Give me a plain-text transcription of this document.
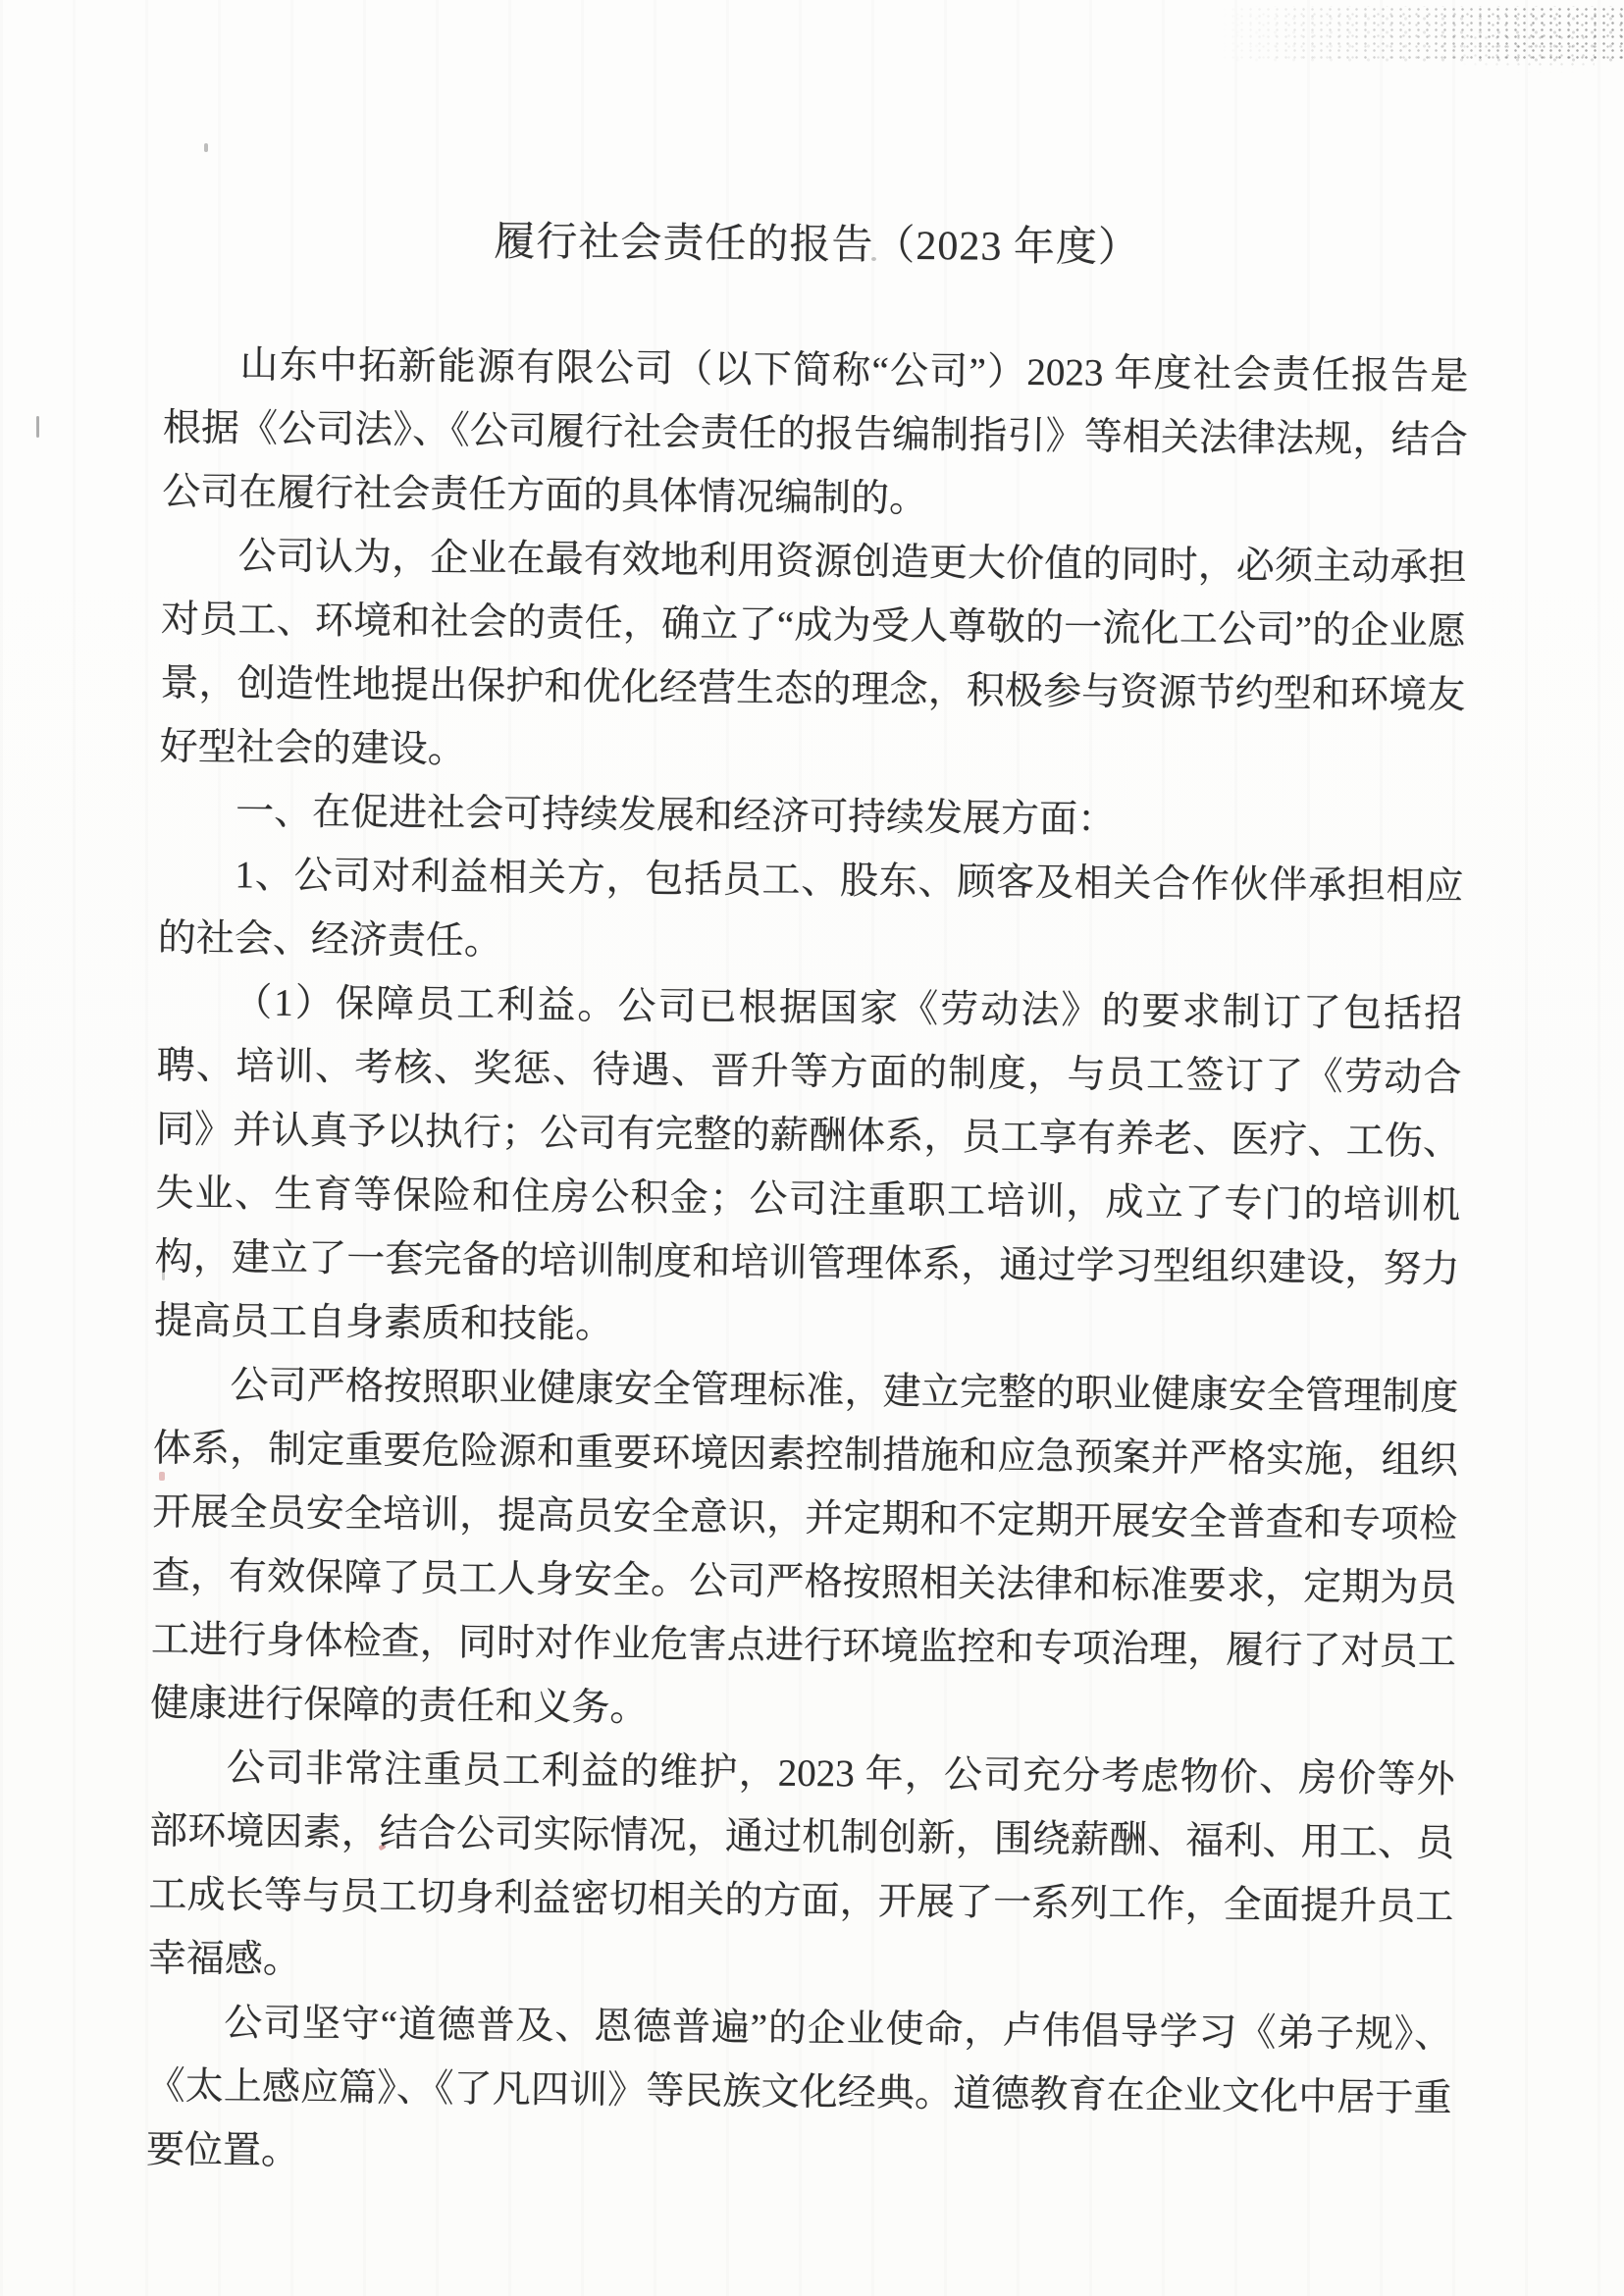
履行社会责任的报告（2023 年度）

山东中拓新能源有限公司（以下简称“公司”）2023 年度社会责任报告是根据《公司法》、《公司履行社会责任的报告编制指引》等相关法律法规，结合公司在履行社会责任方面的具体情况编制的。

公司认为，企业在最有效地利用资源创造更大价值的同时，必须主动承担对员工、环境和社会的责任，确立了“成为受人尊敬的一流化工公司”的企业愿景，创造性地提出保护和优化经营生态的理念，积极参与资源节约型和环境友好型社会的建设。

一、在促进社会可持续发展和经济可持续发展方面：

1、公司对利益相关方，包括员工、股东、顾客及相关合作伙伴承担相应的社会、经济责任。

（1）保障员工利益。公司已根据国家《劳动法》的要求制订了包括招聘、培训、考核、奖惩、待遇、晋升等方面的制度，与员工签订了《劳动合同》并认真予以执行；公司有完整的薪酬体系，员工享有养老、医疗、工伤、失业、生育等保险和住房公积金；公司注重职工培训，成立了专门的培训机构，建立了一套完备的培训制度和培训管理体系，通过学习型组织建设，努力提高员工自身素质和技能。

公司严格按照职业健康安全管理标准，建立完整的职业健康安全管理制度体系，制定重要危险源和重要环境因素控制措施和应急预案并严格实施，组织开展全员安全培训，提高员安全意识，并定期和不定期开展安全普查和专项检查，有效保障了员工人身安全。公司严格按照相关法律和标准要求，定期为员工进行身体检查，同时对作业危害点进行环境监控和专项治理，履行了对员工健康进行保障的责任和义务。

公司非常注重员工利益的维护，2023 年，公司充分考虑物价、房价等外部环境因素，结合公司实际情况，通过机制创新，围绕薪酬、福利、用工、员工成长等与员工切身利益密切相关的方面，开展了一系列工作，全面提升员工幸福感。

公司坚守“道德普及、恩德普遍”的企业使命，卢伟倡导学习《弟子规》、《太上感应篇》、《了凡四训》等民族文化经典。道德教育在企业文化中居于重要位置。
